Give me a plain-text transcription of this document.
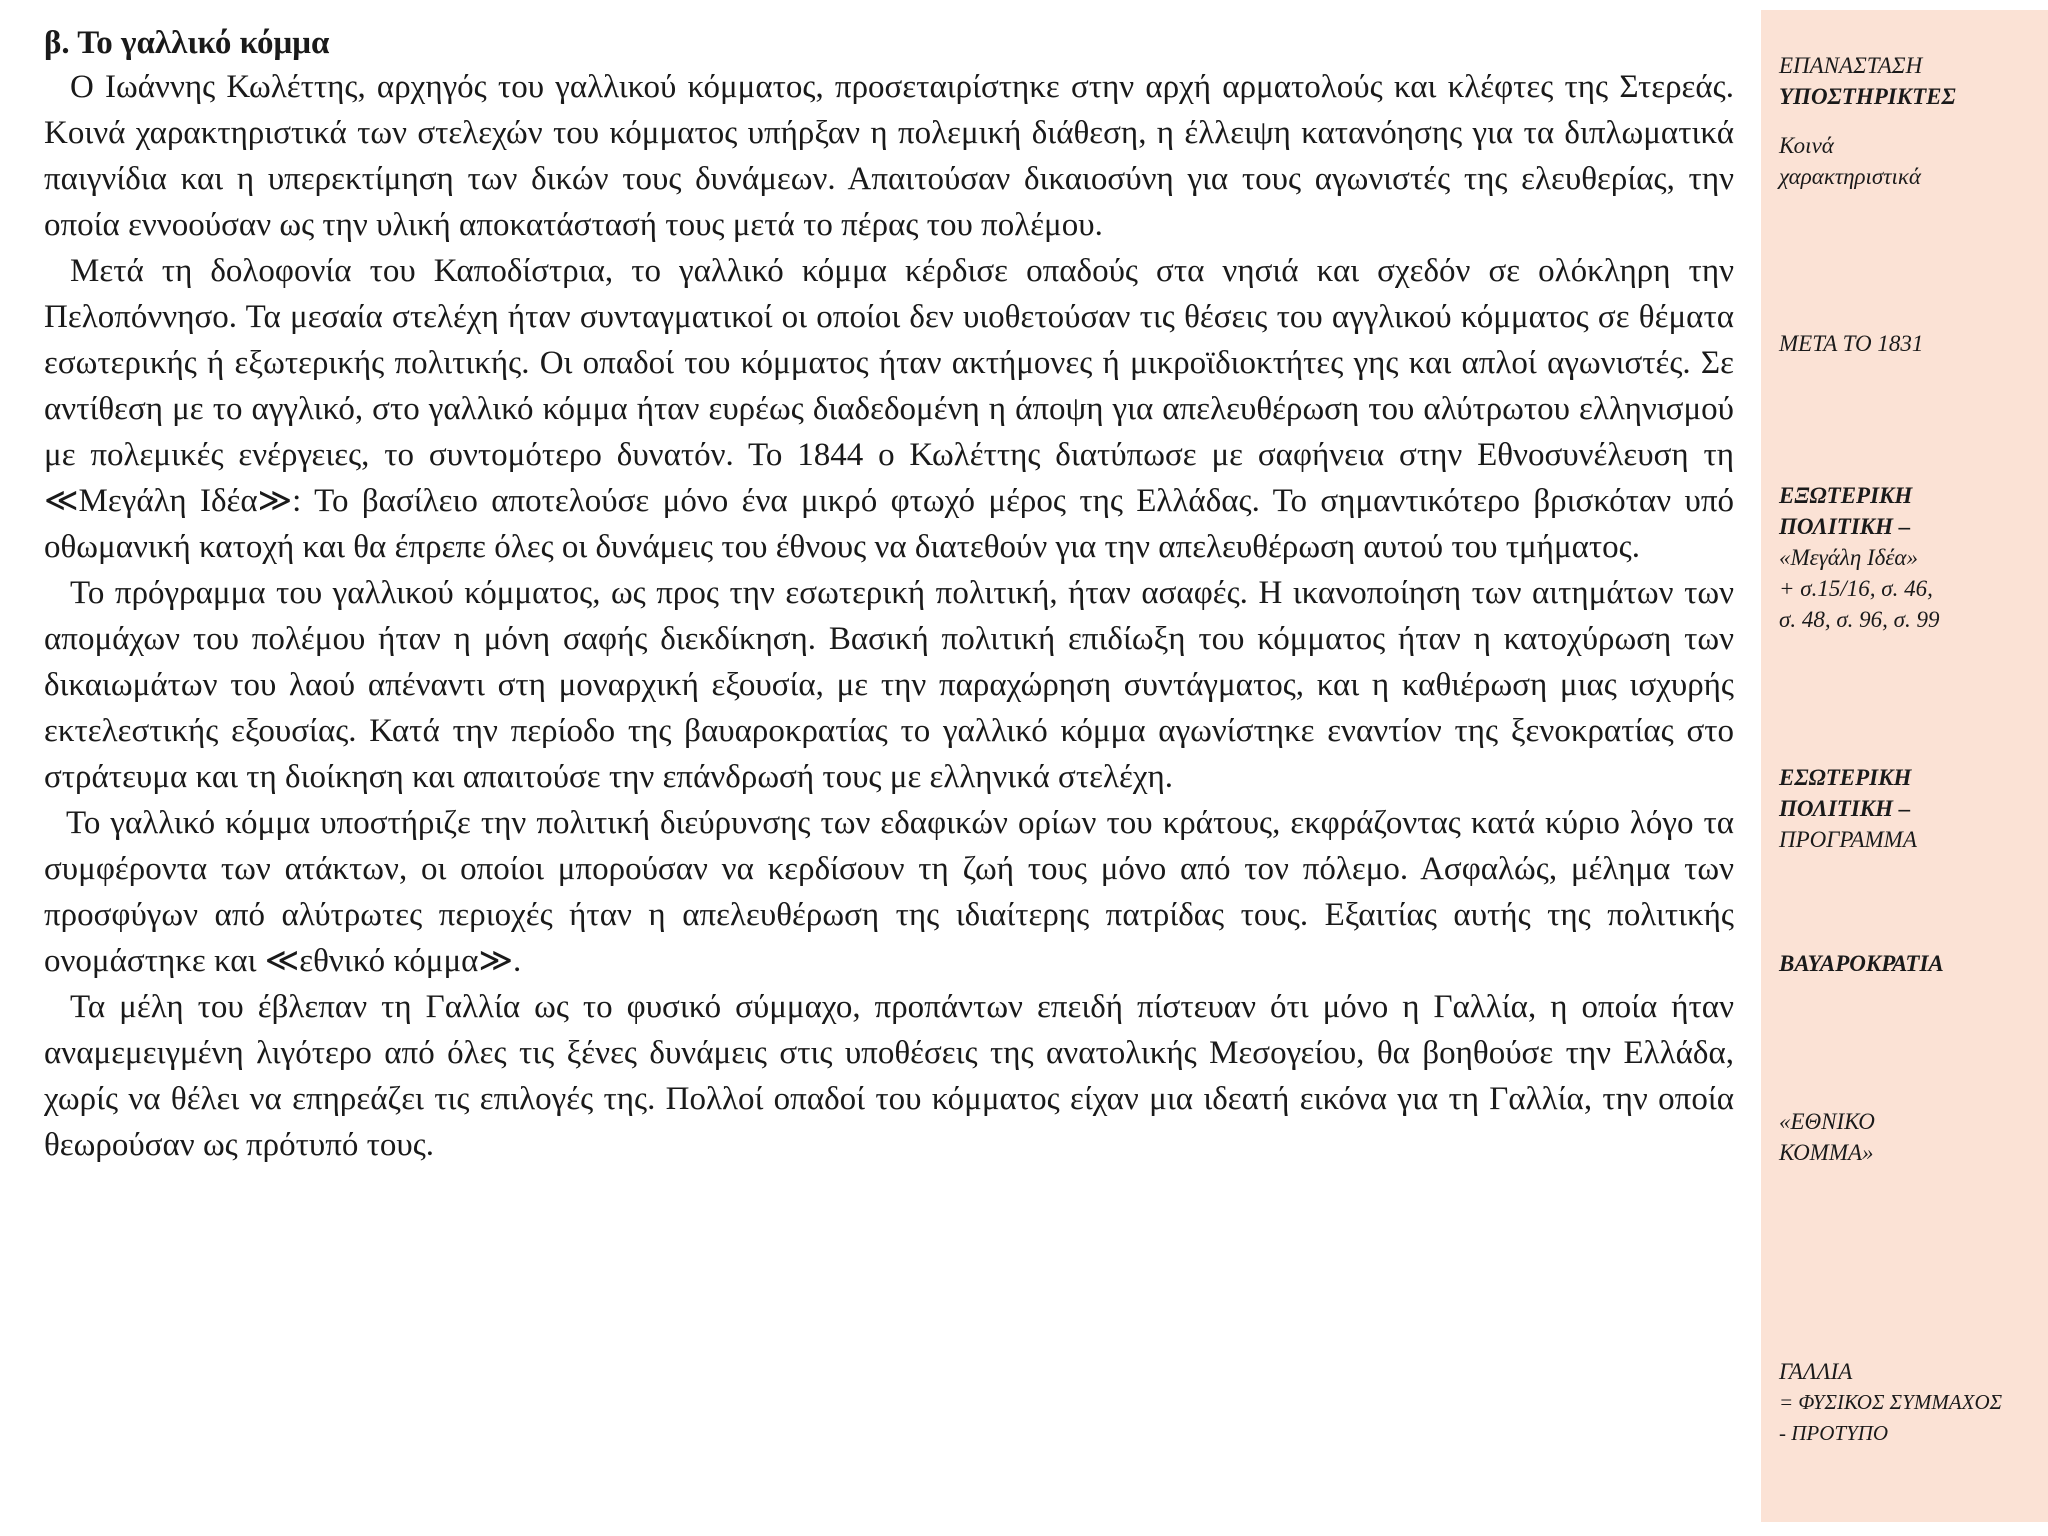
β. Το γαλλικό κόμμα

Ο Ιωάννης Κωλέττης, αρχηγός του γαλλικού κόμματος, προσεταιρίστηκε στην αρχή αρματολούς και κλέφτες της Στερεάς. Κοινά χαρακτηριστικά των στελεχών του κόμματος υπήρξαν η πολεμική διάθεση, η έλλειψη κατανόησης για τα διπλωματικά παιγνίδια και η υπερεκτίμηση των δικών τους δυνάμεων. Απαιτούσαν δικαιοσύνη για τους αγωνιστές της ελευθερίας, την οποία εννοούσαν ως την υλική αποκατάστασή τους μετά το πέρας του πολέμου.

Μετά τη δολοφονία του Καποδίστρια, το γαλλικό κόμμα κέρδισε οπαδούς στα νησιά και σχεδόν σε ολόκληρη την Πελοπόννησο. Τα μεσαία στελέχη ήταν συνταγματικοί οι οποίοι δεν υιοθετούσαν τις θέσεις του αγγλικού κόμματος σε θέματα εσωτερικής ή εξωτερικής πολιτικής. Οι οπαδοί του κόμματος ήταν ακτήμονες ή μικροϊδιοκτήτες γης και απλοί αγωνιστές. Σε αντίθεση με το αγγλικό, στο γαλλικό κόμμα ήταν ευρέως διαδεδομένη η άποψη για απελευθέρωση του αλύτρωτου ελληνισμού με πολεμικές ενέργειες, το συντομότερο δυνατόν. Το 1844 ο Κωλέττης διατύπωσε με σαφήνεια στην Εθνοσυνέλευση τη ≪Μεγάλη Ιδέα≫: Το βασίλειο αποτελούσε μόνο ένα μικρό φτωχό μέρος της Ελλάδας. Το σημαντικότερο βρισκόταν υπό οθωμανική κατοχή και θα έπρεπε όλες οι δυνάμεις του έθνους να διατεθούν για την απελευθέρωση αυτού του τμήματος.

Το πρόγραμμα του γαλλικού κόμματος, ως προς την εσωτερική πολιτική, ήταν ασαφές. Η ικανοποίηση των αιτημάτων των απομάχων του πολέμου ήταν η μόνη σαφής διεκδίκηση. Βασική πολιτική επιδίωξη του κόμματος ήταν η κατοχύρωση των δικαιωμάτων του λαού απέναντι στη μοναρχική εξουσία, με την παραχώρηση συντάγματος, και η καθιέρωση μιας ισχυρής εκτελεστικής εξουσίας. Κατά την περίοδο της βαυαροκρατίας το γαλλικό κόμμα αγωνίστηκε εναντίον της ξενοκρατίας στο στράτευμα και τη διοίκηση και απαιτούσε την επάνδρωσή τους με ελληνικά στελέχη.

Το γαλλικό κόμμα υποστήριζε την πολιτική διεύρυνσης των εδαφικών ορίων του κράτους, εκφράζοντας κατά κύριο λόγο τα συμφέροντα των ατάκτων, οι οποίοι μπορούσαν να κερδίσουν τη ζωή τους μόνο από τον πόλεμο. Ασφαλώς, μέλημα των προσφύγων από αλύτρωτες περιοχές ήταν η απελευθέρωση της ιδιαίτερης πατρίδας τους. Εξαιτίας αυτής της πολιτικής ονομάστηκε και ≪εθνικό κόμμα≫.

Τα μέλη του έβλεπαν τη Γαλλία ως το φυσικό σύμμαχο, προπάντων επειδή πίστευαν ότι μόνο η Γαλλία, η οποία ήταν αναμεμειγμένη λιγότερο από όλες τις ξένες δυνάμεις στις υποθέσεις της ανατολικής Μεσογείου, θα βοηθούσε την Ελλάδα, χωρίς να θέλει να επηρεάζει τις επιλογές της. Πολλοί οπαδοί του κόμματος είχαν μια ιδεατή εικόνα για τη Γαλλία, την οποία θεωρούσαν ως πρότυπό τους.

ΕΠΑΝΑΣΤΑΣΗ
ΥΠΟΣΤΗΡΙΚΤΕΣ
Κοινά
χαρακτηριστικά
ΜΕΤΑ ΤΟ 1831
ΕΞΩΤΕΡΙΚΗ
ΠΟΛΙΤΙΚΗ –
«Μεγάλη Ιδέα»
+ σ.15/16, σ. 46,
σ. 48, σ. 96, σ. 99
ΕΣΩΤΕΡΙΚΗ
ΠΟΛΙΤΙΚΗ –
ΠΡΟΓΡΑΜΜΑ
ΒΑΥΑΡΟΚΡΑΤΙΑ
«ΕΘΝΙΚΟ
ΚΟΜΜΑ»
ΓΑΛΛΙΑ
= ΦΥΣΙΚΟΣ ΣΥΜΜΑΧΟΣ
- ΠΡΟΤΥΠΟ
